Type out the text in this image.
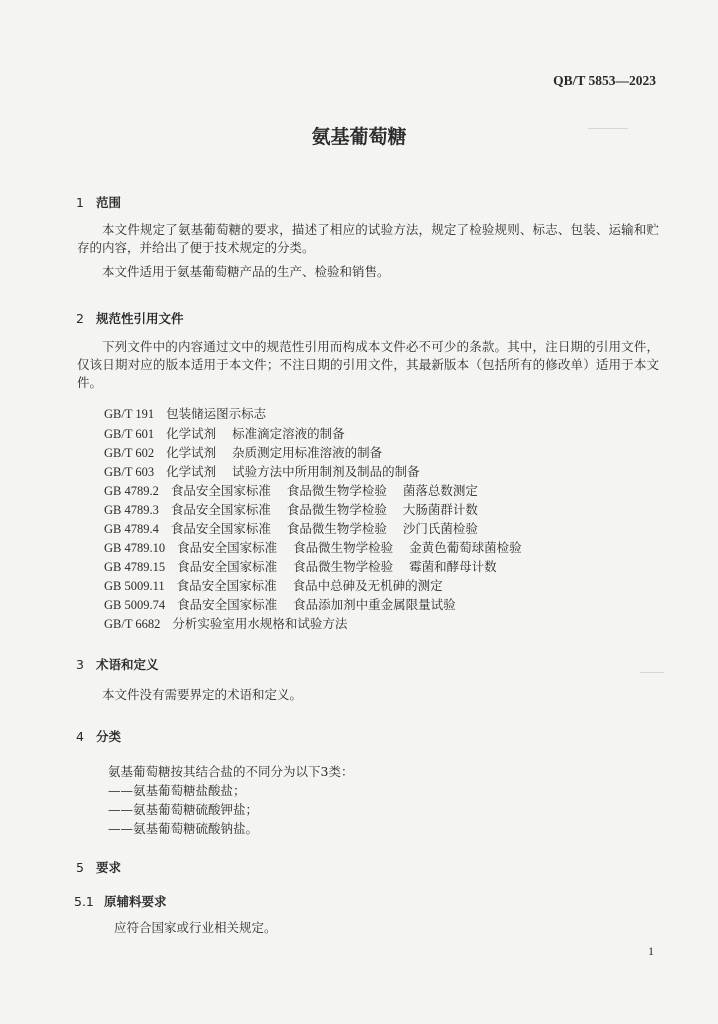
QB/T 5853—2023
氨基葡萄糖
1 范围
本文件规定了氨基葡萄糖的要求，描述了相应的试验方法，规定了检验规则、标志、包装、运输和贮存的内容，并给出了便于技术规定的分类。
本文件适用于氨基葡萄糖产品的生产、检验和销售。
2 规范性引用文件
下列文件中的内容通过文中的规范性引用而构成本文件必不可少的条款。其中，注日期的引用文件，仅该日期对应的版本适用于本文件；不注日期的引用文件，其最新版本（包括所有的修改单）适用于本文件。
GB/T 191 包装储运图示标志
GB/T 601 化学试剂 标准滴定溶液的制备
GB/T 602 化学试剂 杂质测定用标准溶液的制备
GB/T 603 化学试剂 试验方法中所用制剂及制品的制备
GB 4789.2 食品安全国家标准 食品微生物学检验 菌落总数测定
GB 4789.3 食品安全国家标准 食品微生物学检验 大肠菌群计数
GB 4789.4 食品安全国家标准 食品微生物学检验 沙门氏菌检验
GB 4789.10 食品安全国家标准 食品微生物学检验 金黄色葡萄球菌检验
GB 4789.15 食品安全国家标准 食品微生物学检验 霉菌和酵母计数
GB 5009.11 食品安全国家标准 食品中总砷及无机砷的测定
GB 5009.74 食品安全国家标准 食品添加剂中重金属限量试验
GB/T 6682 分析实验室用水规格和试验方法
3 术语和定义
本文件没有需要界定的术语和定义。
4 分类
氨基葡萄糖按其结合盐的不同分为以下3类：
——氨基葡萄糖盐酸盐；
——氨基葡萄糖硫酸钾盐；
——氨基葡萄糖硫酸钠盐。
5 要求
5.1 原辅料要求
应符合国家或行业相关规定。
1
